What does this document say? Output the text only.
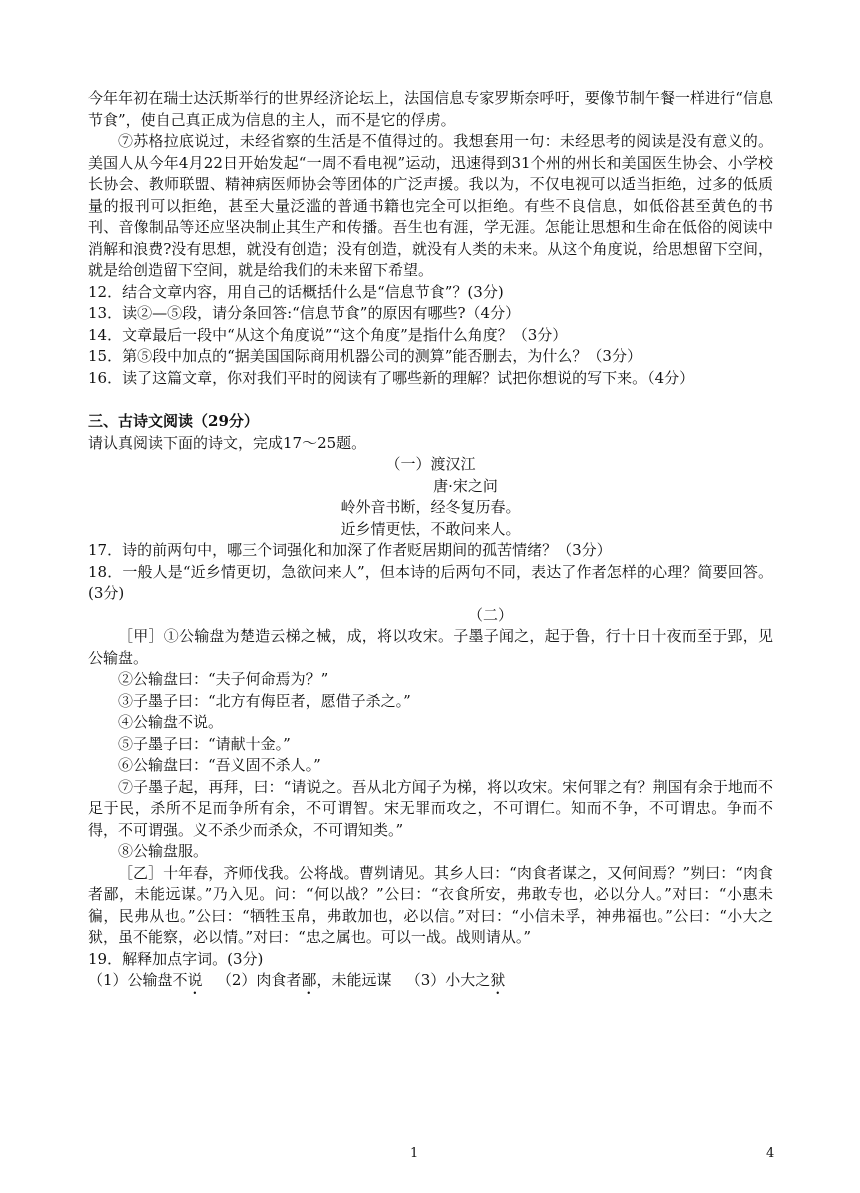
今年年初在瑞士达沃斯举行的世界经济论坛上，法国信息专家罗斯奈呼吁，要像节制午餐一样进行“信息节食”，使自己真正成为信息的主人，而不是它的俘虏。

⑦苏格拉底说过，未经省察的生活是不值得过的。我想套用一句：未经思考的阅读是没有意义的。美国人从今年4月22日开始发起“一周不看电视”运动，迅速得到31个州的州长和美国医生协会、小学校长协会、教师联盟、精神病医师协会等团体的广泛声援。我以为，不仅电视可以适当拒绝，过多的低质量的报刊可以拒绝，甚至大量泛滥的普通书籍也完全可以拒绝。有些不良信息，如低俗甚至黄色的书刊、音像制品等还应坚决制止其生产和传播。吾生也有涯，学无涯。怎能让思想和生命在低俗的阅读中消解和浪费?没有思想，就没有创造；没有创造，就没有人类的未来。从这个角度说，给思想留下空间，就是给创造留下空间，就是给我们的未来留下希望。

12．结合文章内容，用自己的话概括什么是“信息节食”？(3分)

13．读②—⑤段，请分条回答:“信息节食”的原因有哪些?（4分）

14．文章最后一段中“从这个角度说”“这个角度”是指什么角度？（3分）

15．第⑤段中加点的“据美国国际商用机器公司的测算”能否删去，为什么？（3分）

16．读了这篇文章，你对我们平时的阅读有了哪些新的理解？试把你想说的写下来。（4分）

三、古诗文阅读（29分）

请认真阅读下面的诗文，完成17～25题。

（一）渡汉江

唐·宋之问

岭外音书断，经冬复历春。

近乡情更怯，不敢问来人。

17．诗的前两句中，哪三个词强化和加深了作者贬居期间的孤苦情绪？（3分）

18．一般人是“近乡情更切，急欲问来人”，但本诗的后两句不同，表达了作者怎样的心理？简要回答。(3分)

（二）

［甲］①公输盘为楚造云梯之械，成，将以攻宋。子墨子闻之，起于鲁，行十日十夜而至于郢，见公输盘。

②公输盘曰：“夫子何命焉为？”

③子墨子曰：“北方有侮臣者，愿借子杀之。”

④公输盘不说。

⑤子墨子曰：“请献十金。”

⑥公输盘曰：“吾义固不杀人。”

⑦子墨子起，再拜，曰：“请说之。吾从北方闻子为梯，将以攻宋。宋何罪之有？荆国有余于地而不足于民，杀所不足而争所有余，不可谓智。宋无罪而攻之，不可谓仁。知而不争，不可谓忠。争而不得，不可谓强。义不杀少而杀众，不可谓知类。”

⑧公输盘服。

［乙］十年春，齐师伐我。公将战。曹刿请见。其乡人曰：“肉食者谋之，又何间焉？”刿曰：“肉食者鄙，未能远谋。”乃入见。问：“何以战？”公曰：“衣食所安，弗敢专也，必以分人。”对曰：“小惠未徧，民弗从也。”公曰：“牺牲玉帛，弗敢加也，必以信。”对曰：“小信未孚，神弗福也。”公曰：“小大之狱，虽不能察，必以情。”对曰：“忠之属也。可以一战。战则请从。”

19．解释加点字词。(3分)

（1）公输盘不说 （2）肉食者鄙，未能远谋 （3）小大之狱

1	4
